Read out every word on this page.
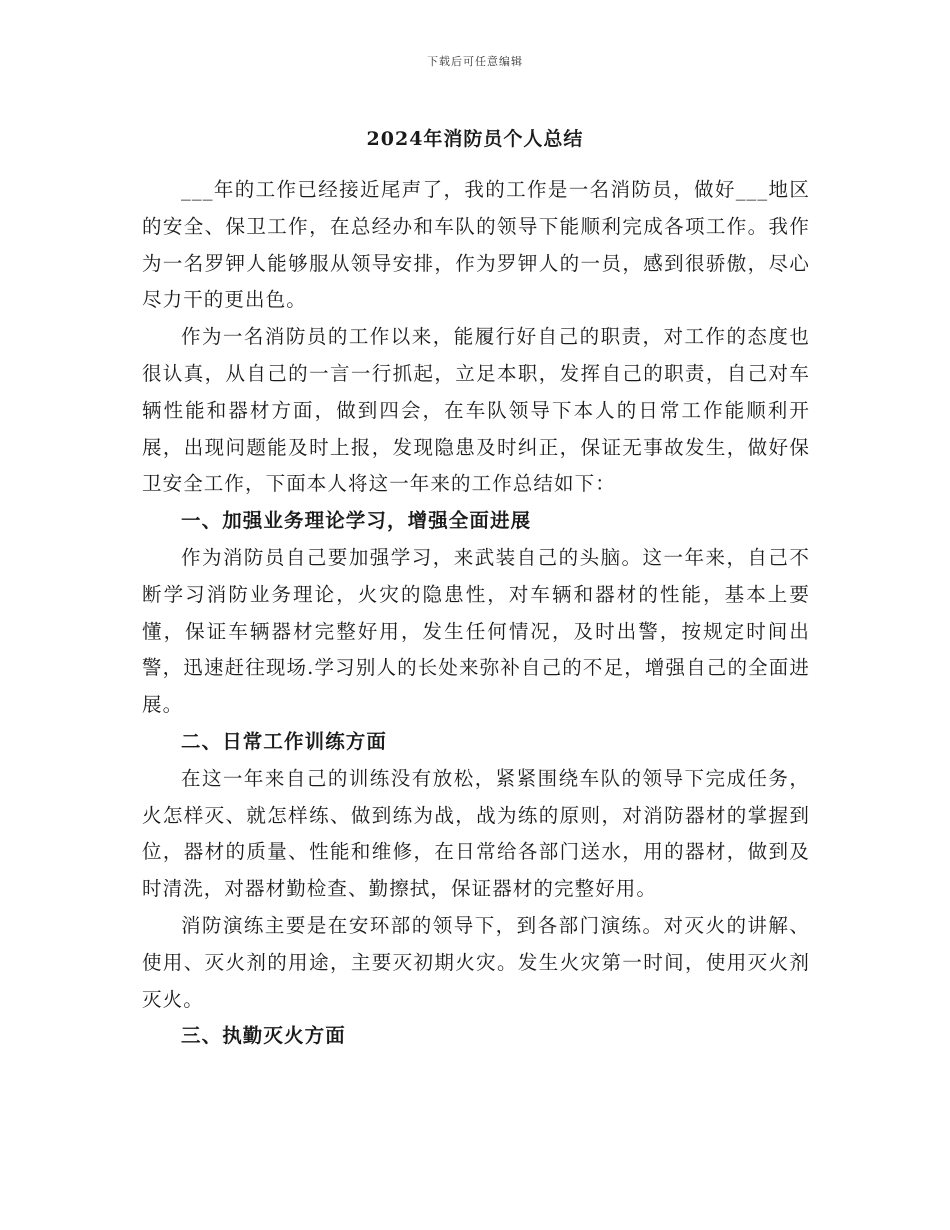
下载后可任意编辑
2024年消防员个人总结

___年的工作已经接近尾声了，我的工作是一名消防员，做好___地区的安全、保卫工作，在总经办和车队的领导下能顺利完成各项工作。我作为一名罗钾人能够服从领导安排，作为罗钾人的一员，感到很骄傲，尽心尽力干的更出色。

作为一名消防员的工作以来，能履行好自己的职责，对工作的态度也很认真，从自己的一言一行抓起，立足本职，发挥自己的职责，自己对车辆性能和器材方面，做到四会，在车队领导下本人的日常工作能顺利开展，出现问题能及时上报，发现隐患及时纠正，保证无事故发生，做好保卫安全工作，下面本人将这一年来的工作总结如下：

一、加强业务理论学习，增强全面进展

作为消防员自己要加强学习，来武装自己的头脑。这一年来，自己不断学习消防业务理论，火灾的隐患性，对车辆和器材的性能，基本上要懂，保证车辆器材完整好用，发生任何情况，及时出警，按规定时间出警，迅速赶往现场.学习别人的长处来弥补自己的不足，增强自己的全面进展。

二、日常工作训练方面

在这一年来自己的训练没有放松，紧紧围绕车队的领导下完成任务，火怎样灭、就怎样练、做到练为战，战为练的原则，对消防器材的掌握到位，器材的质量、性能和维修，在日常给各部门送水，用的器材，做到及时清洗，对器材勤检查、勤擦拭，保证器材的完整好用。

消防演练主要是在安环部的领导下，到各部门演练。对灭火的讲解、使用、灭火剂的用途，主要灭初期火灾。发生火灾第一时间，使用灭火剂灭火。

三、执勤灭火方面
